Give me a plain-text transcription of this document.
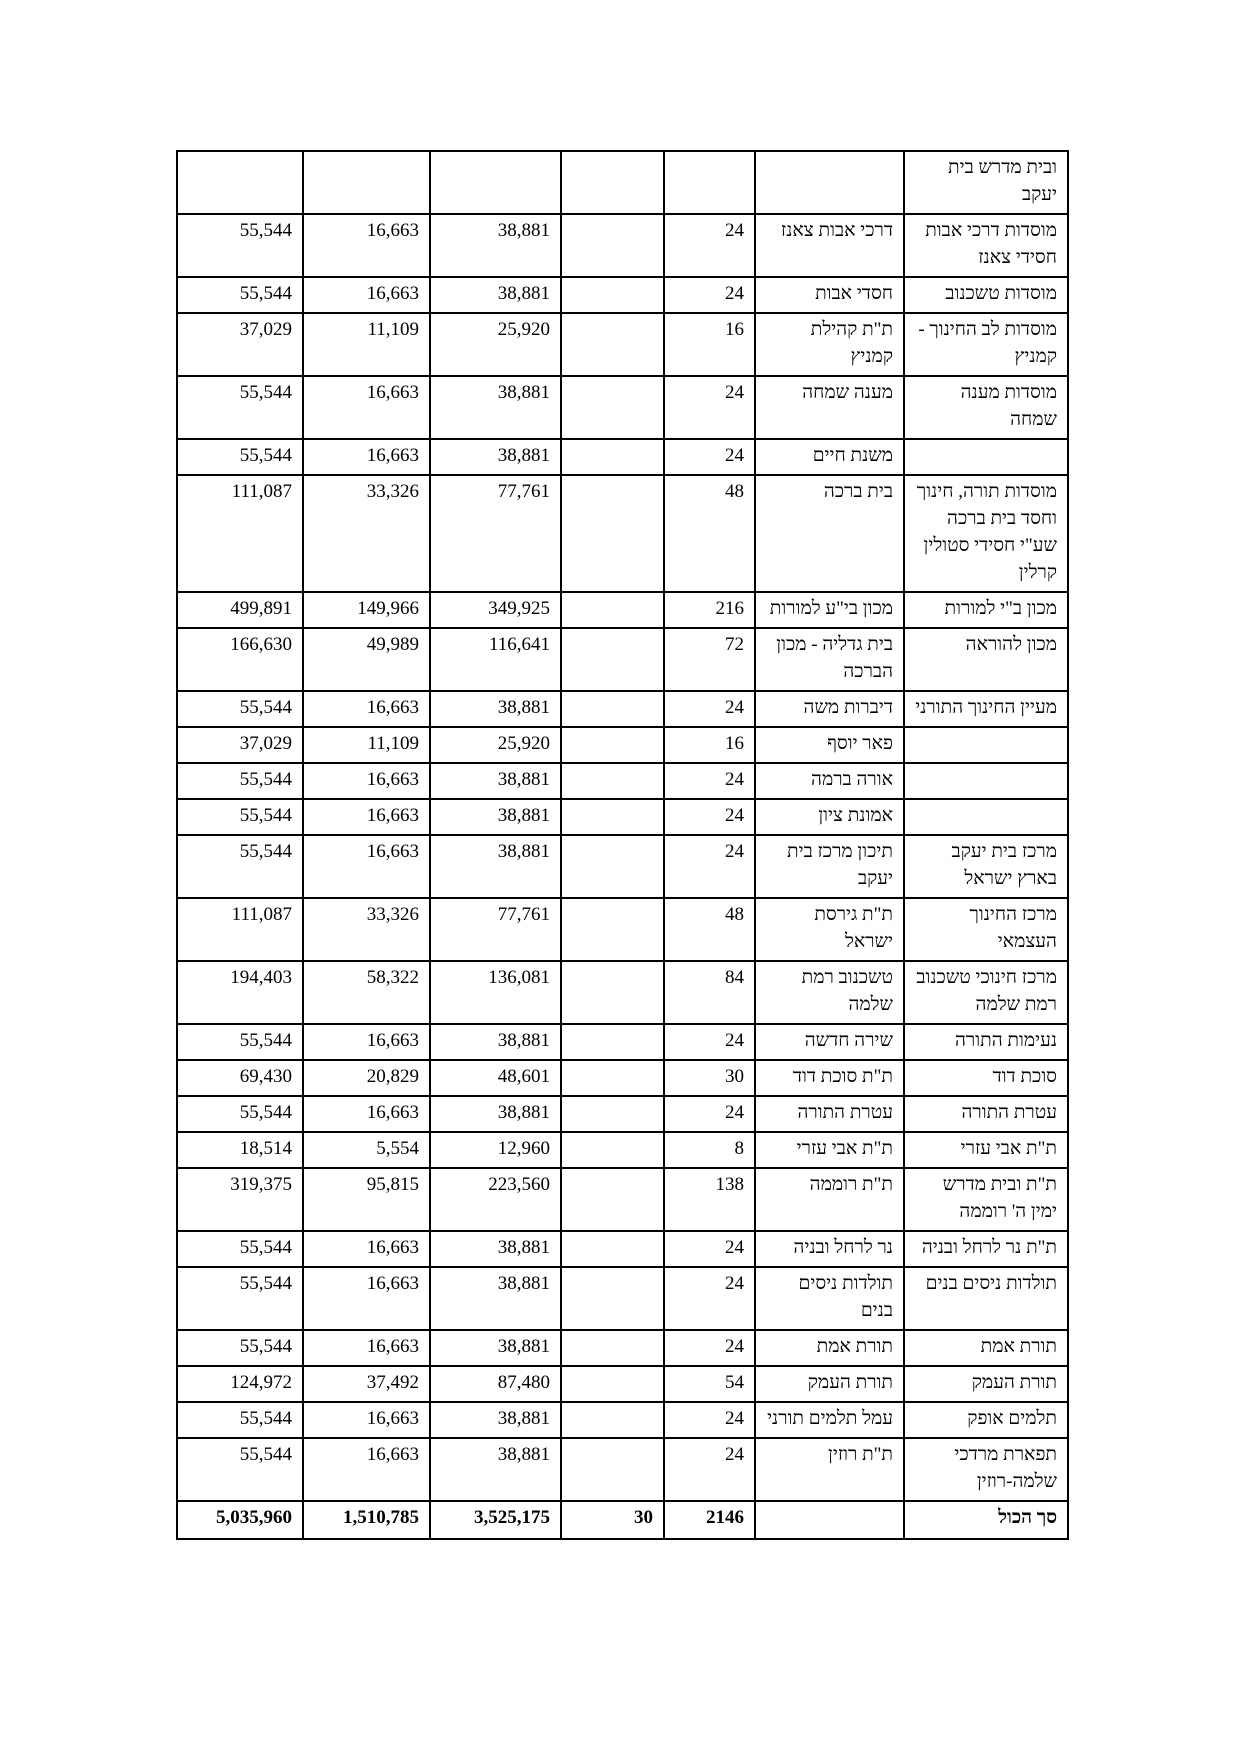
ובית מדרש בית יעקב						
מוסדות דרכי אבות חסידי צאנז	דרכי אבות צאנז	24		38,881	16,663	55,544
מוסדות טשכנוב	חסדי אבות	24		38,881	16,663	55,544
מוסדות לב החינוך - קמניץ	ת"ת קהילת קמניץ	16		25,920	11,109	37,029
מוסדות מענה שמחה	מענה שמחה	24		38,881	16,663	55,544
	משנת חיים	24		38,881	16,663	55,544
מוסדות תורה, חינוך וחסד בית ברכה שע"י חסידי סטולין קרלין	בית ברכה	48		77,761	33,326	111,087
מכון ב"י למורות	מכון בי"ע למורות	216		349,925	149,966	499,891
מכון להוראה	בית גדליה - מכון הברכה	72		116,641	49,989	166,630
מעיין החינוך התורני	דיברות משה	24		38,881	16,663	55,544
	פאר יוסף	16		25,920	11,109	37,029
	אורה ברמה	24		38,881	16,663	55,544
	אמונת ציון	24		38,881	16,663	55,544
מרכז בית יעקב בארץ ישראל	תיכון מרכז בית יעקב	24		38,881	16,663	55,544
מרכז החינוך העצמאי	ת"ת גירסת ישראל	48		77,761	33,326	111,087
מרכז חינוכי טשכנוב רמת שלמה	טשכנוב רמת שלמה	84		136,081	58,322	194,403
נעימות התורה	שירה חדשה	24		38,881	16,663	55,544
סוכת דוד	ת"ת סוכת דוד	30		48,601	20,829	69,430
עטרת התורה	עטרת התורה	24		38,881	16,663	55,544
ת"ת אבי עזרי	ת"ת אבי עזרי	8		12,960	5,554	18,514
ת"ת ובית מדרש ימין ה' רוממה	ת"ת רוממה	138		223,560	95,815	319,375
ת"ת נר לרחל ובניה	נר לרחל ובניה	24		38,881	16,663	55,544
תולדות ניסים בנים	תולדות ניסים בנים	24		38,881	16,663	55,544
תורת אמת	תורת אמת	24		38,881	16,663	55,544
תורת העמק	תורת העמק	54		87,480	37,492	124,972
תלמים אופק	עמל תלמים תורני	24		38,881	16,663	55,544
תפארת מרדכי שלמה-רוזין	ת"ת רוזין	24		38,881	16,663	55,544
סך הכול		2146	30	3,525,175	1,510,785	5,035,960
